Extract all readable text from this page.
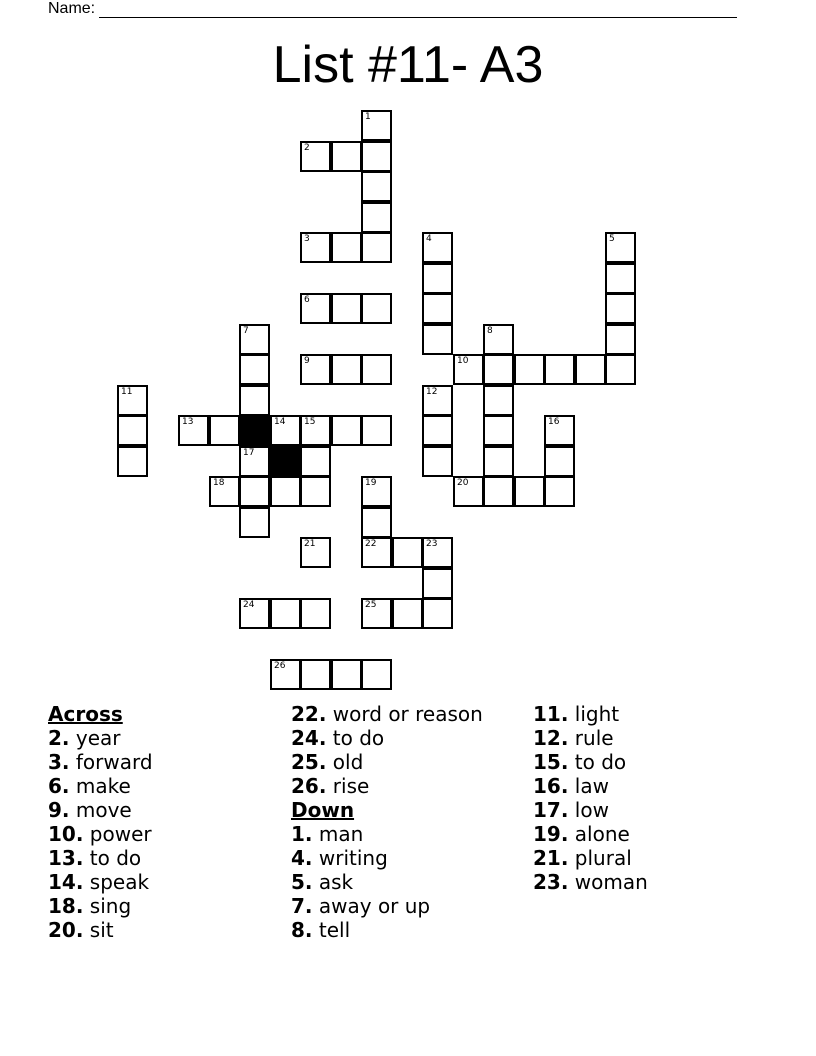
Name:
List #11- A3
1
2
3	4	5
6
7	8
9	10
11	12
13	14 15	16
17
18	19	20
21	22	23
24	25
26
Across
2. year
3. forward
6. make
9. move
10. power
13. to do
14. speak
18. sing
20. sit
22. word or reason
24. to do
25. old
26. rise
Down
1. man
4. writing
5. ask
7. away or up
8. tell
11. light
12. rule
15. to do
16. law
17. low
19. alone
21. plural
23. woman
